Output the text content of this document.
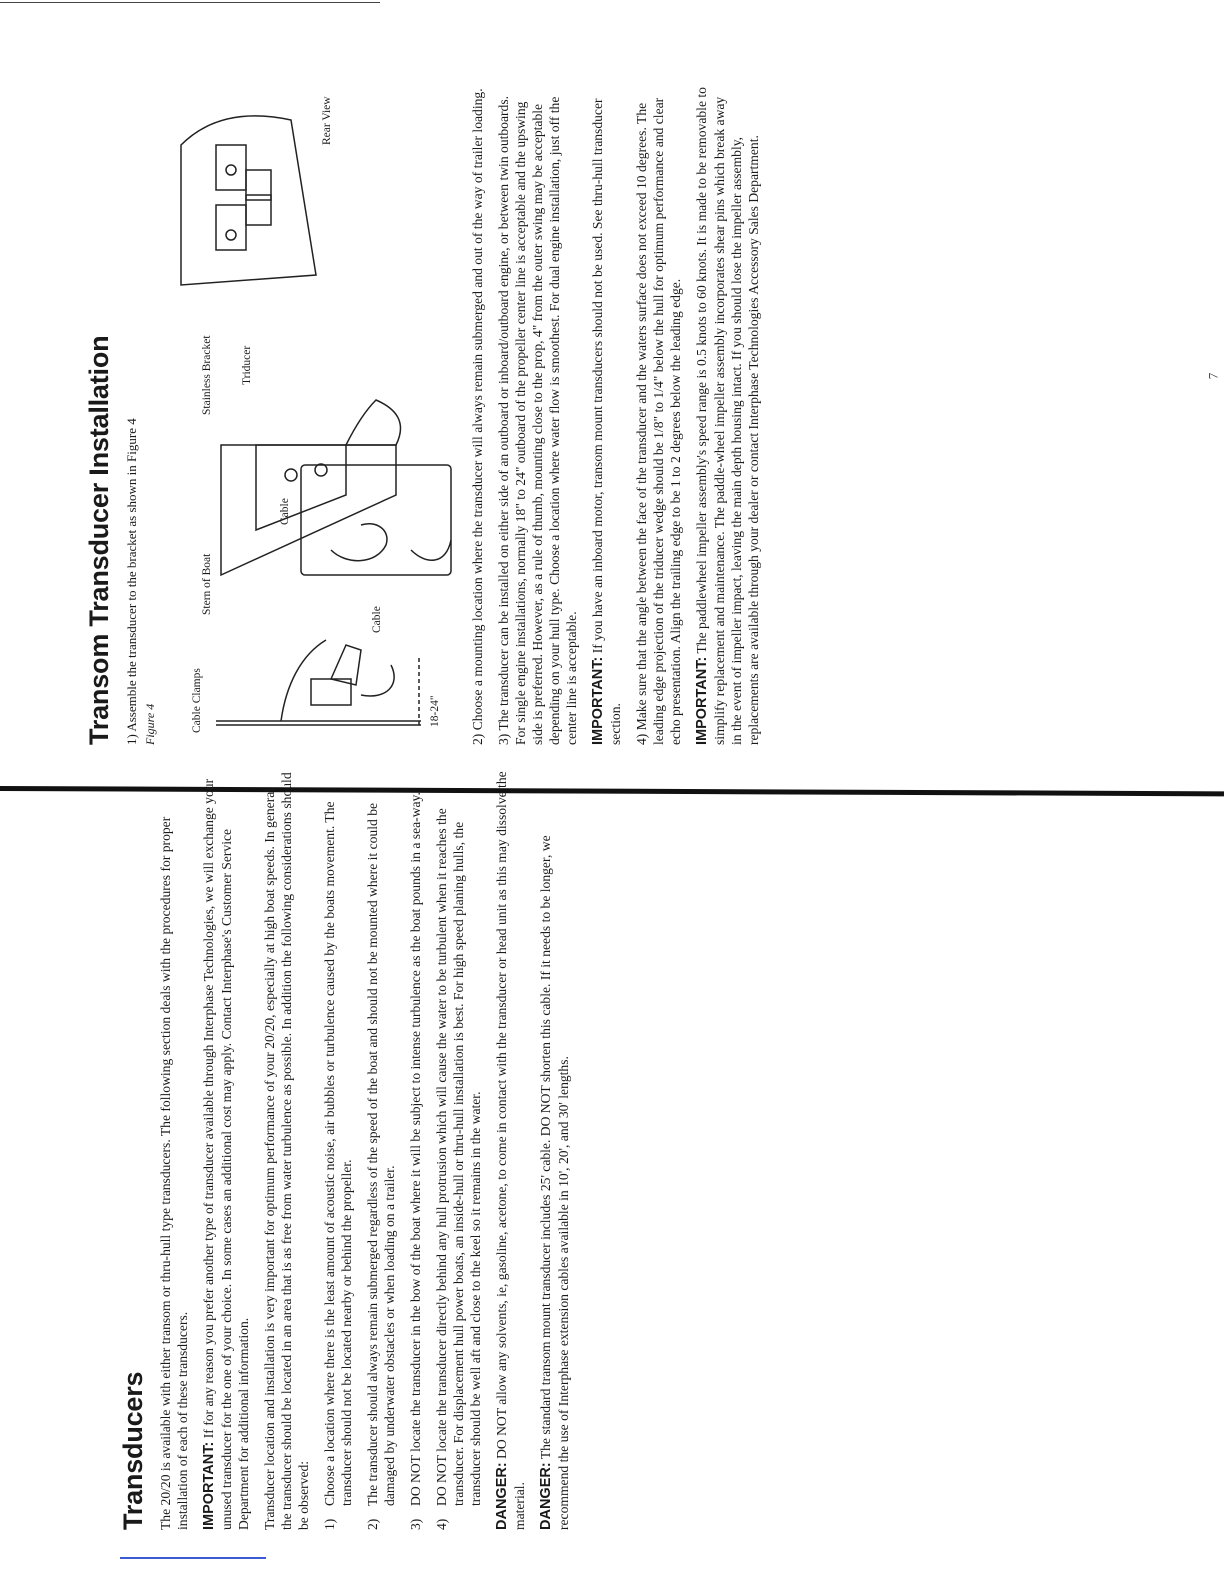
Transducers The 20/20 is available with either transom or thru-hull type transducers. The following section deals with the procedures for proper installation of each of these transducers. IMPORTANT: If for any reason you prefer another type of transducer available through Interphase Technologies, we will exchange your unused transducer for the one of your choice. In some cases an additional cost may apply. Contact Interphase's Customer Service Department for additional information. Transducer location and installation is very important for optimum performance of your 20/20, especially at high boat speeds. In general the transducer should be located in an area that is as free from water turbulence as possible. In addition the following considerations should be observed: 1)
Choose a location where there is the least amount of acoustic noise, air bubbles or turbulence caused by the boats movement. The transducer should not be located nearby or behind the propeller.
2)
The transducer should always remain submerged regardless of the speed of the boat and should not be mounted where it could be damaged by underwater obstacles or when loading on a trailer.
3)
DO NOT locate the transducer in the bow of the boat where it will be subject to intense turbulence as the boat pounds in a sea-way.
4)
DO NOT locate the transducer directly behind any hull protrusion which will cause the water to be turbulent when it reaches the transducer. For displacement hull power boats, an inside-hull or thru-hull installation is best. For high speed planing hulls, the transducer should be well aft and close to the keel so it remains in the water. DANGER: DO NOT allow any solvents, ie, gasoline, acetone, to come in contact with the transducer or head unit as this may dissolve the material. DANGER: The standard transom mount transducer includes 25' cable. DO NOT shorten this cable. If it needs to be longer, we recommend the use of Interphase extension cables available in 10', 20', and 30' lengths.

Transom Transducer Installation 1) Assemble the transducer to the bracket as shown in Figure 4 Figure 4	Cable Clamps	18-24"
Cable
Stern of Boat
Stainless Bracket Triducer
Cable
Rear View	2) Choose a mounting location where the transducer will always remain submerged and out of the way of trailer loading. 3) The transducer can be installed on either side of an outboard or inboard/outboard engine, or between twin outboards. For single engine installations, normally 18" to 24" outboard of the propeller center line is acceptable and the upswing side is preferred. However, as a rule of thumb, mounting close to the prop, 4" from the outer swing may be acceptable depending on your hull type. Choose a location where water flow is smoothest. For dual engine installation, just off the center line is acceptable. IMPORTANT: If you have an inboard motor, transom mount transducers should not be used. See thru-hull transducer section. 4) Make sure that the angle between the face of the transducer and the waters surface does not exceed 10 degrees. The leading edge projection of the triducer wedge should be 1/8" to 1/4" below the hull for optimum performance and clear echo presentation. Align the trailing edge to be 1 to 2 degrees below the leading edge. IMPORTANT: The paddlewheel impeller assembly's speed range is 0.5 knots to 60 knots. It is made to be removable to simplify replacement and maintenance. The paddle-wheel impeller assembly incorporates shear pins which break away in the event of impeller impact, leaving the main depth housing intact. If you should lose the impeller assembly, replacements are available through your dealer or contact Interphase Technologies Accessory Sales Department.	7
